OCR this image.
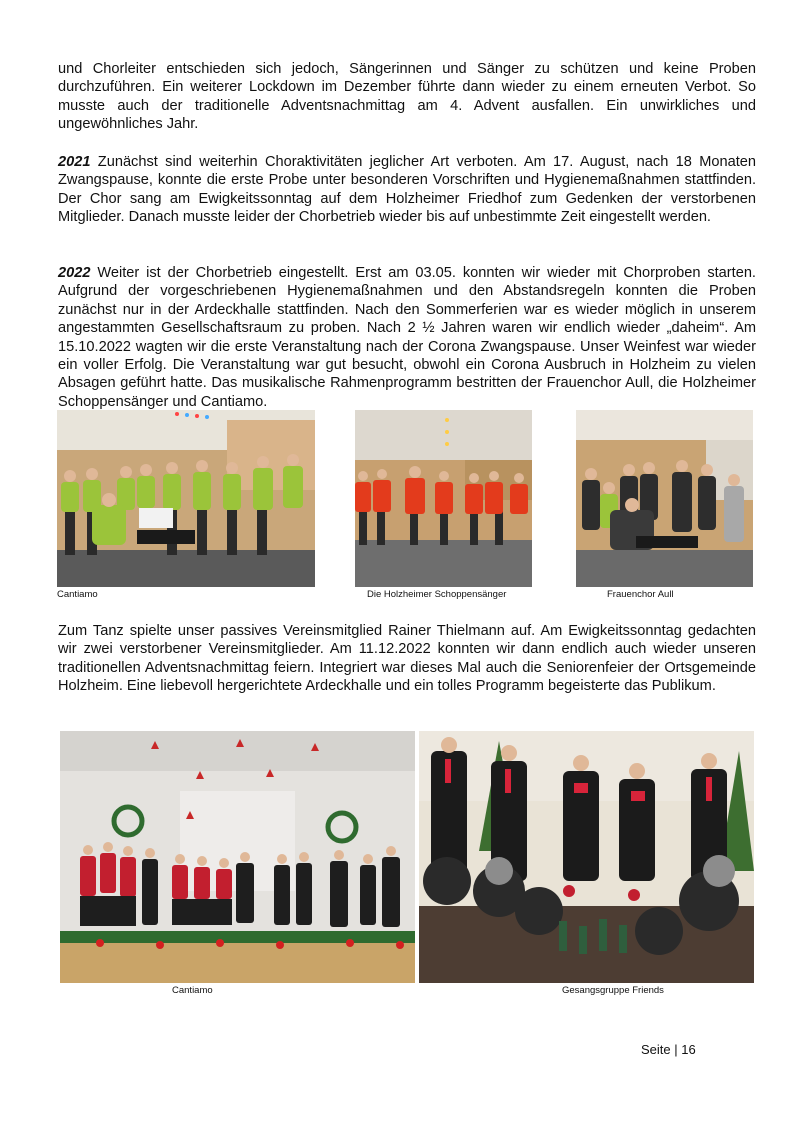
und Chorleiter entschieden sich jedoch, Sängerinnen und Sänger zu schützen und keine Proben durchzuführen. Ein weiterer Lockdown im Dezember führte dann wieder zu einem erneuten Verbot. So musste auch der traditionelle Adventsnachmittag am 4. Advent ausfallen. Ein unwirkliches und ungewöhnliches Jahr.

2021 Zunächst sind weiterhin Choraktivitäten jeglicher Art verboten. Am 17. August, nach 18 Monaten Zwangspause, konnte die erste Probe unter besonderen Vorschriften und Hygienemaßnahmen stattfinden. Der Chor sang am Ewigkeitssonntag auf dem Holzheimer Friedhof zum Gedenken der verstorbenen Mitglieder. Danach musste leider der Chorbetrieb wieder bis auf unbestimmte Zeit eingestellt werden.

2022 Weiter ist der Chorbetrieb eingestellt. Erst am 03.05. konnten wir wieder mit Chorproben starten. Aufgrund der vorgeschriebenen Hygienemaßnahmen und den Abstandsregeln konnten die Proben zunächst nur in der Ardeckhalle stattfinden. Nach den Sommerferien war es wieder möglich in unserem angestammten Gesellschaftsraum zu proben. Nach 2 ½ Jahren waren wir endlich wieder „daheim“. Am 15.10.2022 wagten wir die erste Veranstaltung nach der Corona Zwangspause. Unser Weinfest war wieder ein voller Erfolg. Die Veranstaltung war gut besucht, obwohl ein Corona Ausbruch in Holzheim zu vielen Absagen geführt hatte. Das musikalische Rahmenprogramm bestritten der Frauenchor Aull, die Holzheimer Schoppensänger und Cantiamo.

Cantiamo	Die Holzheimer Schoppensänger	Frauenchor Aull

Zum Tanz spielte unser passives Vereinsmitglied Rainer Thielmann auf. Am Ewigkeitssonntag gedachten wir zwei verstorbener Vereinsmitglieder. Am 11.12.2022 konnten wir dann endlich auch wieder unseren traditionellen Adventsnachmittag feiern. Integriert war dieses Mal auch die Seniorenfeier der Ortsgemeinde Holzheim. Eine liebevoll hergerichtete Ardeckhalle und ein tolles Programm begeisterte das Publikum.

Cantiamo	Gesangsgruppe Friends
Seite | 16
